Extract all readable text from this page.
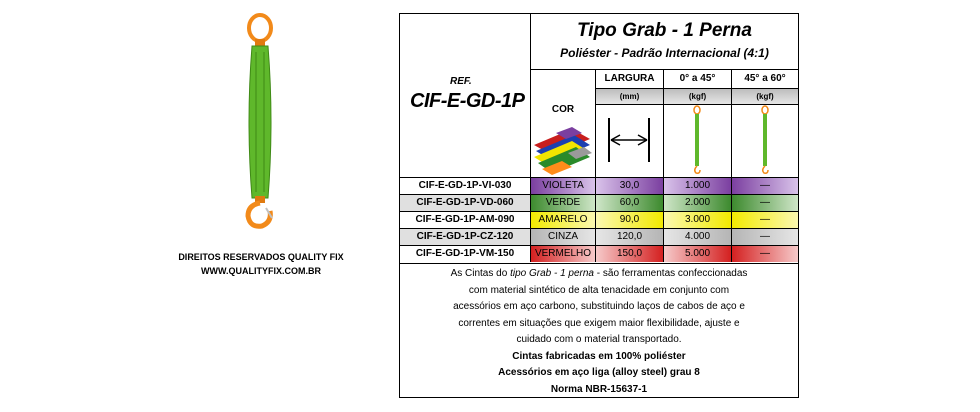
DIREITOS RESERVADOS QUALITY FIX
WWW.QUALITYFIX.COM.BR
REF.
CIF-E-GD-1P
Tipo Grab - 1 Perna
Poliéster - Padrão Internacional (4:1)
COR
LARGURA
(mm)
0° a 45°
(kgf)
45° a 60°
(kgf)
CIF-E-GD-1P-VI-030	VIOLETA	30,0	1.000	—
CIF-E-GD-1P-VD-060	VERDE	60,0	2.000	—
CIF-E-GD-1P-AM-090	AMARELO	90,0	3.000	—
CIF-E-GD-1P-CZ-120	CINZA	120,0	4.000	—
CIF-E-GD-1P-VM-150	VERMELHO	150,0	5.000	—
As Cintas do tipo Grab - 1 perna - são ferramentas confeccionadas
com material sintético de alta tenacidade em conjunto com
acessórios em aço carbono, substituindo laços de cabos de aço e
correntes em situações que exigem maior flexibilidade, ajuste e
cuidado com o material transportado.
Cintas fabricadas em 100% poliéster
Acessórios em aço liga (alloy steel) grau 8
Norma NBR-15637-1
